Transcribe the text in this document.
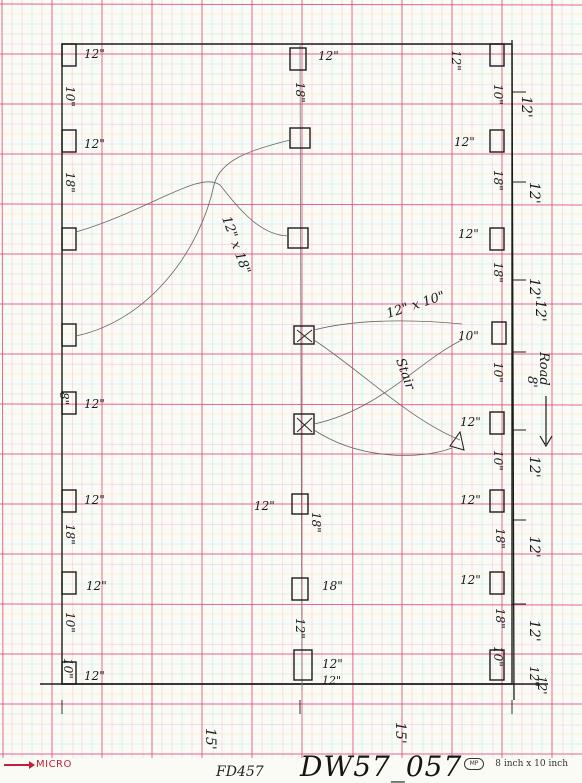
12"
10"
12"
18"
8" 12"
12"
18"
12"
10"
10" 12"
12"
18"
12" x 18"
12"
18"
18"
12"
12"
12"
12" x 10"
Stair	Road
8'
12"
10"
12"
18"
12"
18"
10"
10"
12"
10"
12"
18"
12"
18"
10"
12"
12'
12'
12'
12'
12'
12'
12'
12'
15'	15'
MICRO	FD457 DW57_057	MP	8 inch x 10 inch
